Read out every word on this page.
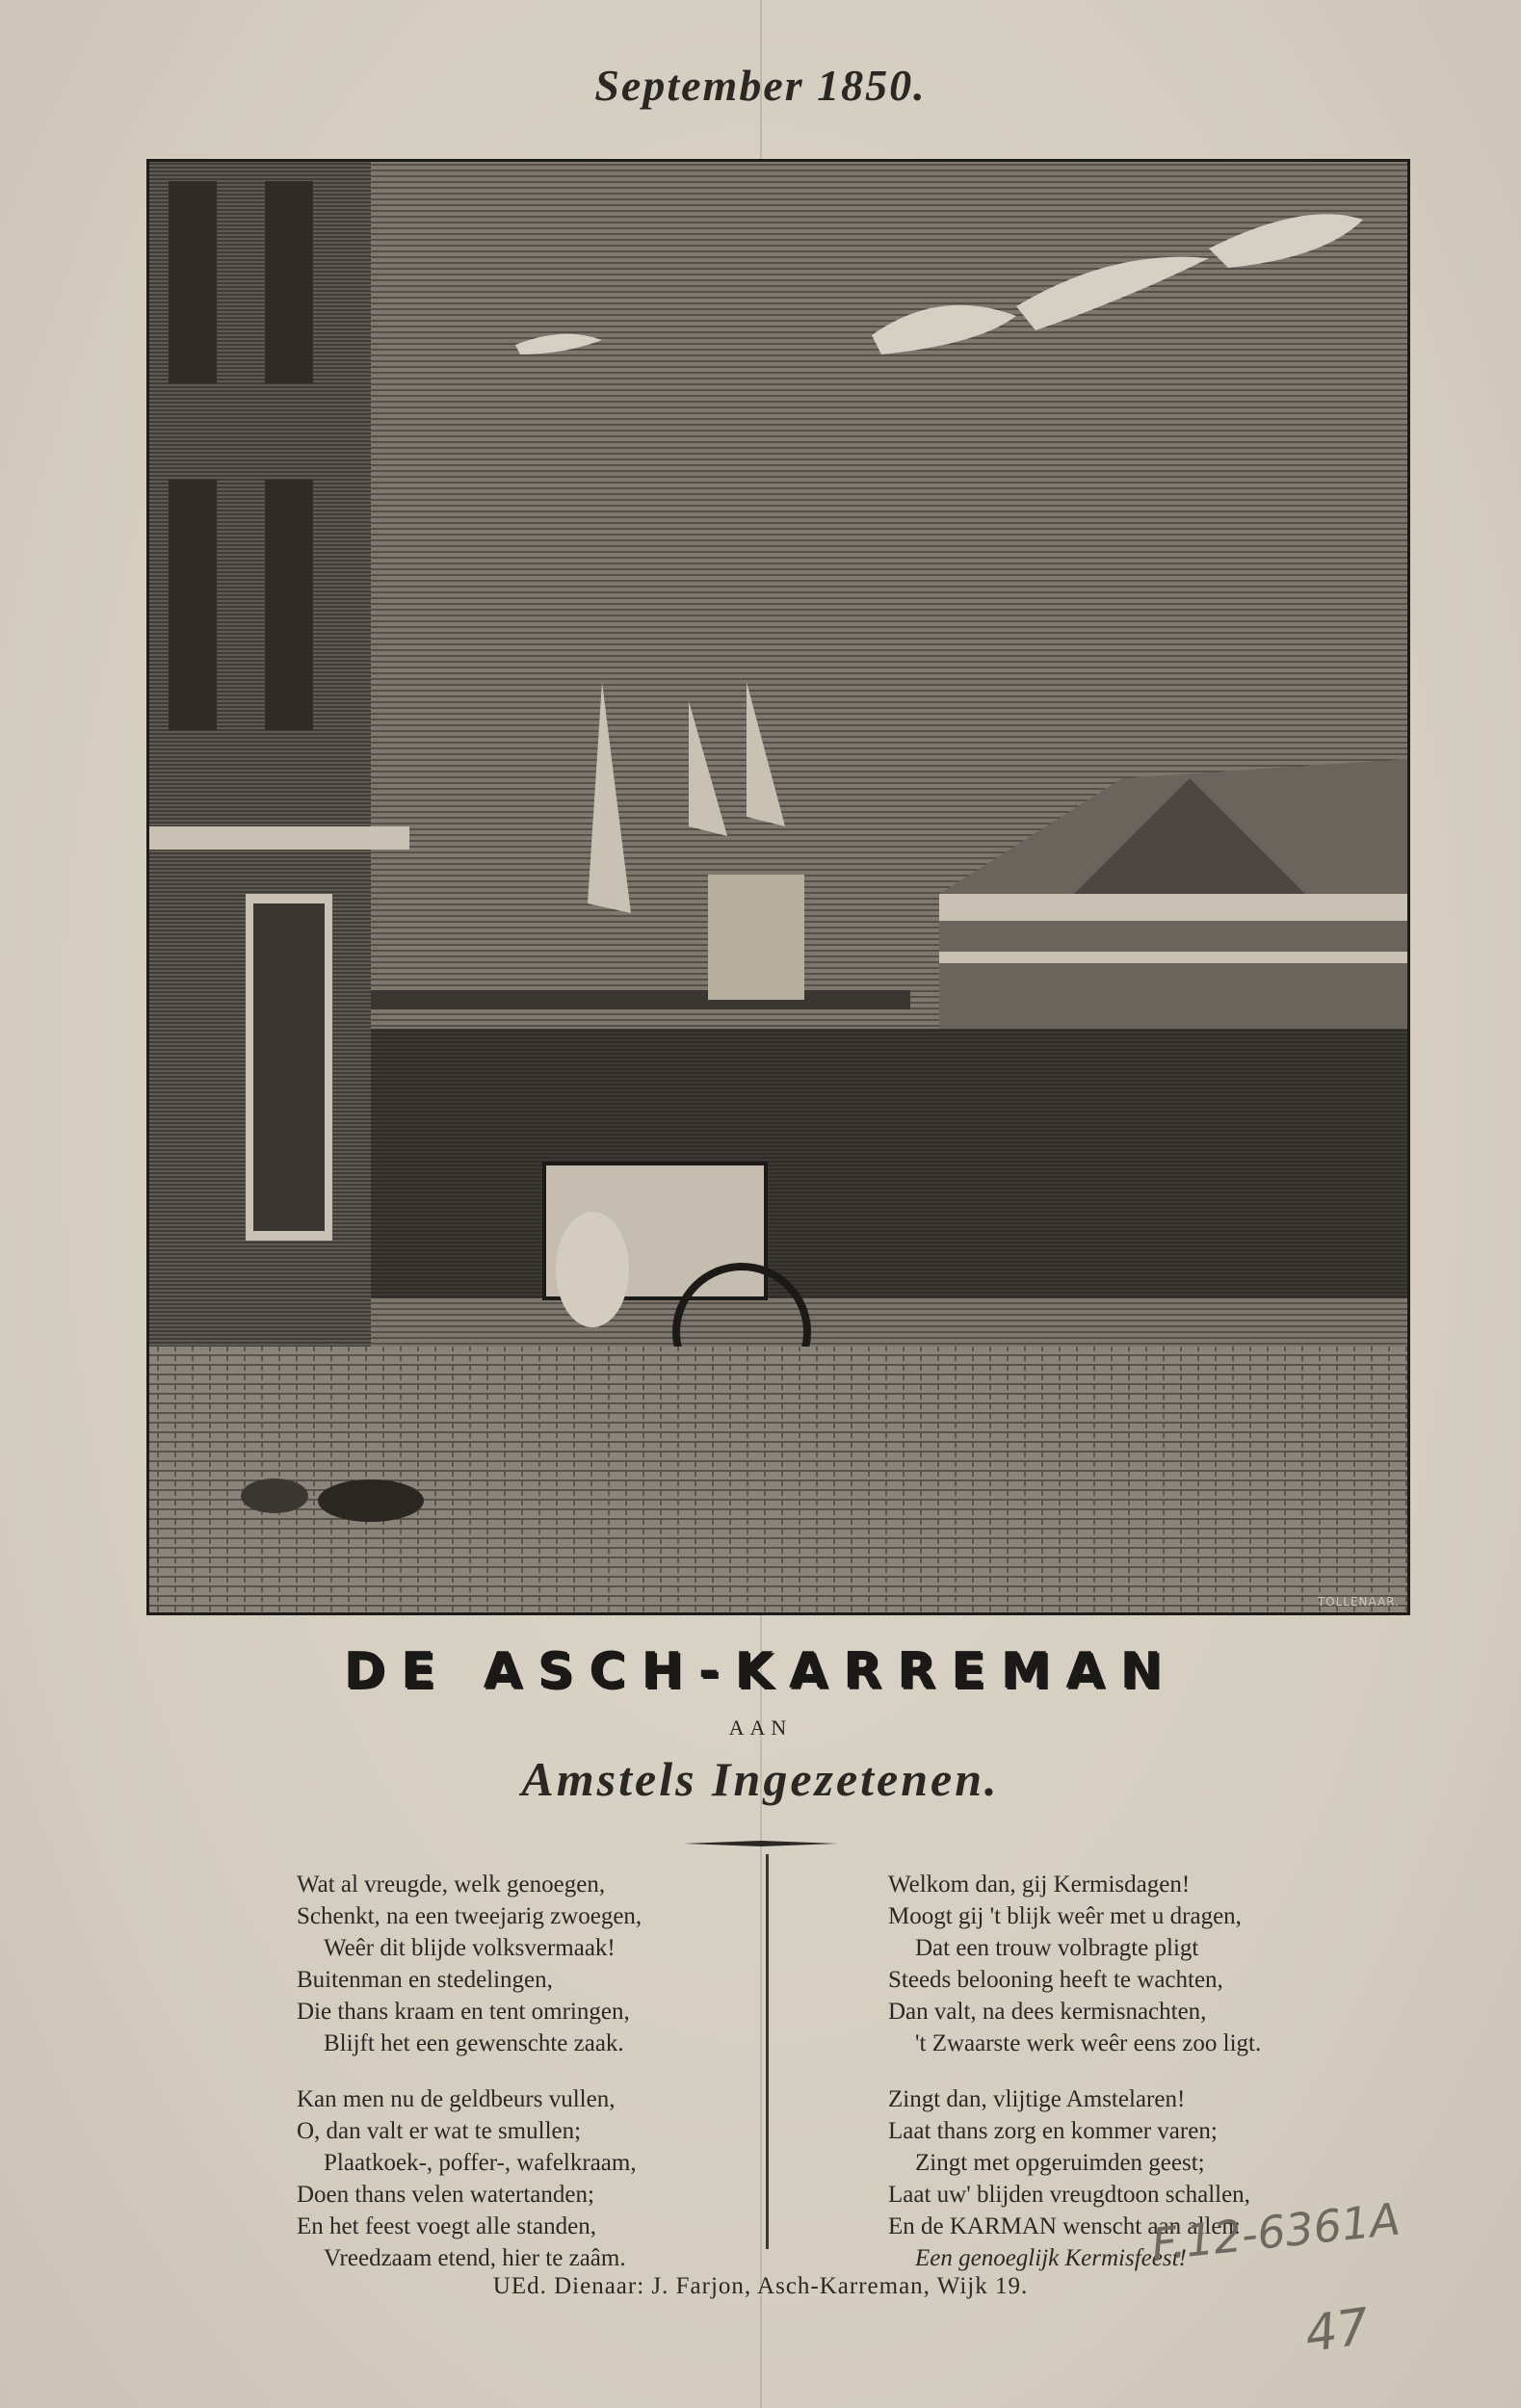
September 1850.
TOLLENAAR.
DE ASCH-KARREMAN
AAN
Amstels Ingezetenen.
Wat al vreugde, welk genoegen,
Schenkt, na een tweejarig zwoegen,
Weêr dit blijde volksvermaak!
Buitenman en stedelingen,
Die thans kraam en tent omringen,
Blijft het een gewenschte zaak.
Kan men nu de geldbeurs vullen,
O, dan valt er wat te smullen;
Plaatkoek-, poffer-, wafelkraam,
Doen thans velen watertanden;
En het feest voegt alle standen,
Vreedzaam etend, hier te zaâm.
Welkom dan, gij Kermisdagen!
Moogt gij 't blijk weêr met u dragen,
Dat een trouw volbragte pligt
Steeds belooning heeft te wachten,
Dan valt, na dees kermisnachten,
't Zwaarste werk weêr eens zoo ligt.
Zingt dan, vlijtige Amstelaren!
Laat thans zorg en kommer varen;
Zingt met opgeruimden geest;
Laat uw' blijden vreugdtoon schallen,
En de KARMAN wenscht aan allen:
Een genoeglijk Kermisfeest!
UEd. Dienaar: J. Farjon, Asch-Karreman, Wijk 19.
F.12-6361A
47
